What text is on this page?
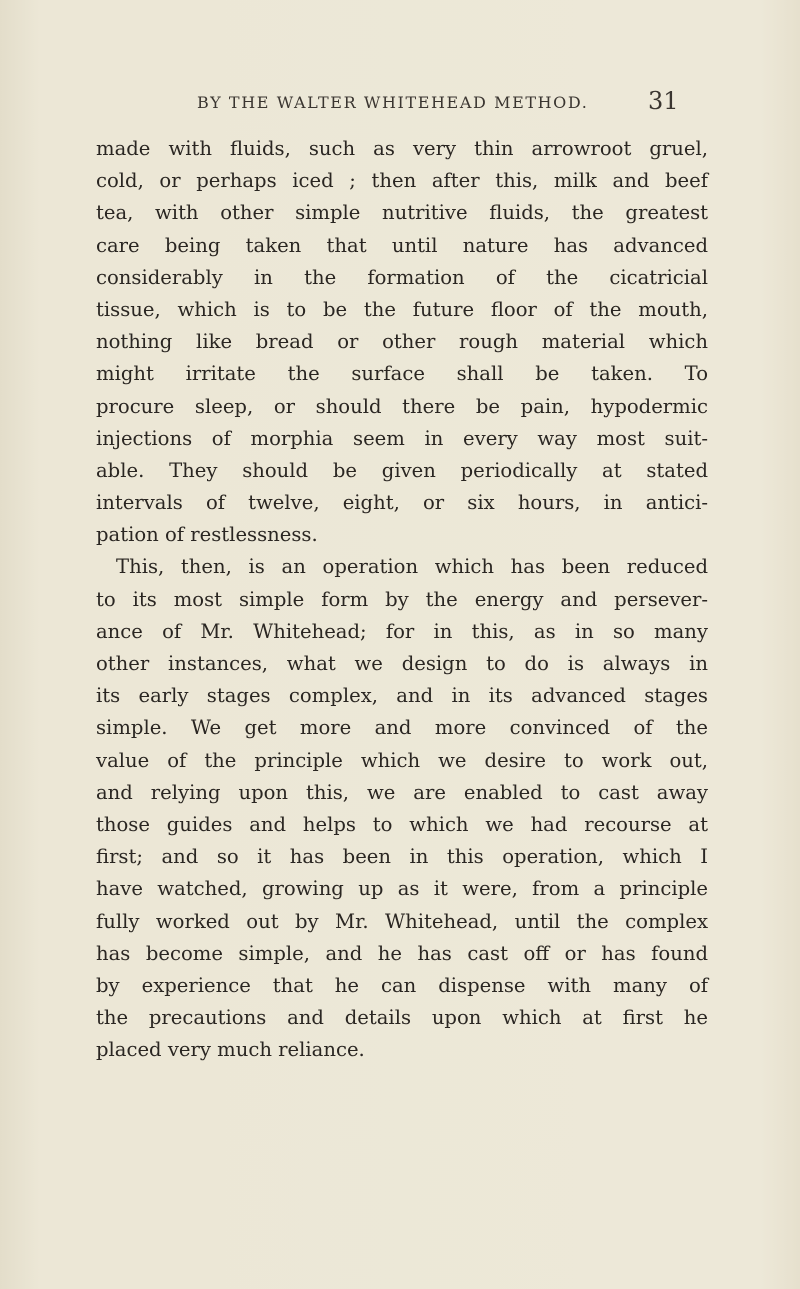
BY THE WALTER WHITEHEAD METHOD. 31
made with fluids, such as very thin arrowroot gruel,
cold, or perhaps iced ; then after this, milk and beef
tea, with other simple nutritive fluids, the greatest
care being taken that until nature has advanced
considerably in the formation of the cicatricial
tissue, which is to be the future floor of the mouth,
nothing like bread or other rough material which
might irritate the surface shall be taken. To
procure sleep, or should there be pain, hypodermic
injections of morphia seem in every way most suit-
able. They should be given periodically at stated
intervals of twelve, eight, or six hours, in antici-
pation of restlessness.
This, then, is an operation which has been reduced
to its most simple form by the energy and persever-
ance of Mr. Whitehead; for in this, as in so many
other instances, what we design to do is always in
its early stages complex, and in its advanced stages
simple. We get more and more convinced of the
value of the principle which we desire to work out,
and relying upon this, we are enabled to cast away
those guides and helps to which we had recourse at
first; and so it has been in this operation, which I
have watched, growing up as it were, from a principle
fully worked out by Mr. Whitehead, until the complex
has become simple, and he has cast off or has found
by experience that he can dispense with many of
the precautions and details upon which at first he
placed very much reliance.
